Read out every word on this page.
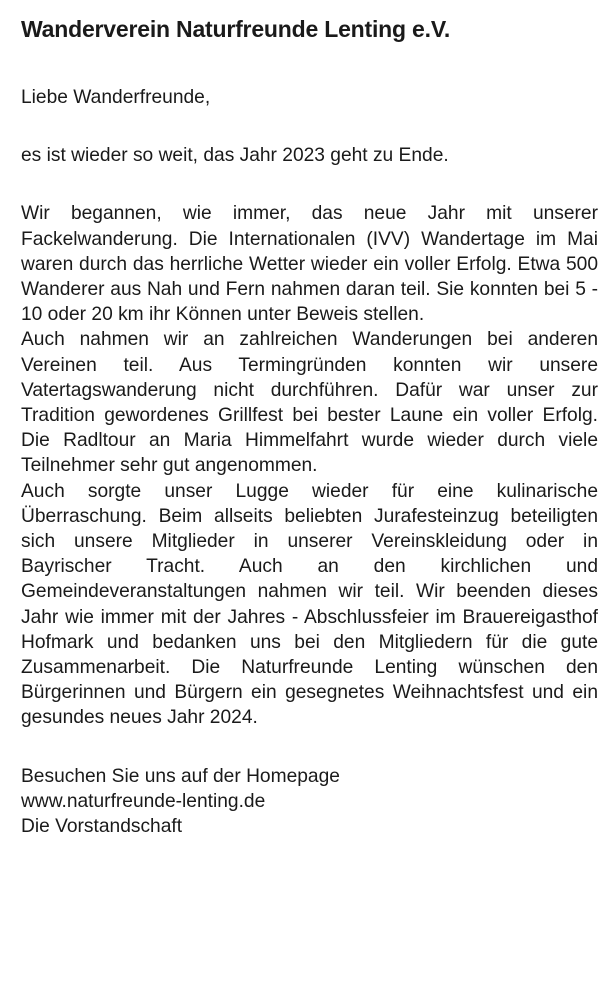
Wanderverein Naturfreunde Lenting e.V.
Liebe Wanderfreunde,
es ist wieder so weit, das Jahr 2023 geht zu Ende.

Wir begannen, wie immer, das neue Jahr mit unserer Fackelwanderung. Die Internationalen (IVV) Wandertage im Mai waren durch das herrliche Wetter wieder ein voller Erfolg. Etwa 500 Wanderer aus Nah und Fern nahmen daran teil. Sie konnten bei 5 - 10 oder 20 km ihr Können unter Beweis stellen.

Auch nahmen wir an zahlreichen Wanderungen bei anderen Vereinen teil. Aus Termingründen konnten wir unsere Vatertagswanderung nicht durchführen. Dafür war unser zur Tradition gewordenes Grillfest bei bester Laune ein voller Erfolg. Die Radltour an Maria Himmelfahrt wurde wieder durch viele Teilnehmer sehr gut angenommen.

Auch sorgte unser Lugge wieder für eine kulinarische Überraschung. Beim allseits beliebten Jurafesteinzug beteiligten sich unsere Mitglieder in unserer Vereinskleidung oder in Bayrischer Tracht. Auch an den kirchlichen und Gemeindeveranstaltungen nahmen wir teil. Wir beenden dieses Jahr wie immer mit der Jahres - Abschlussfeier im Brauereigasthof Hofmark und bedanken uns bei den Mitgliedern für die gute Zusammenarbeit. Die Naturfreunde Lenting wünschen den Bürgerinnen und Bürgern ein gesegnetes Weihnachtsfest und ein gesundes neues Jahr 2024.

Besuchen Sie uns auf der Homepage
www.naturfreunde-lenting.de
Die Vorstandschaft
